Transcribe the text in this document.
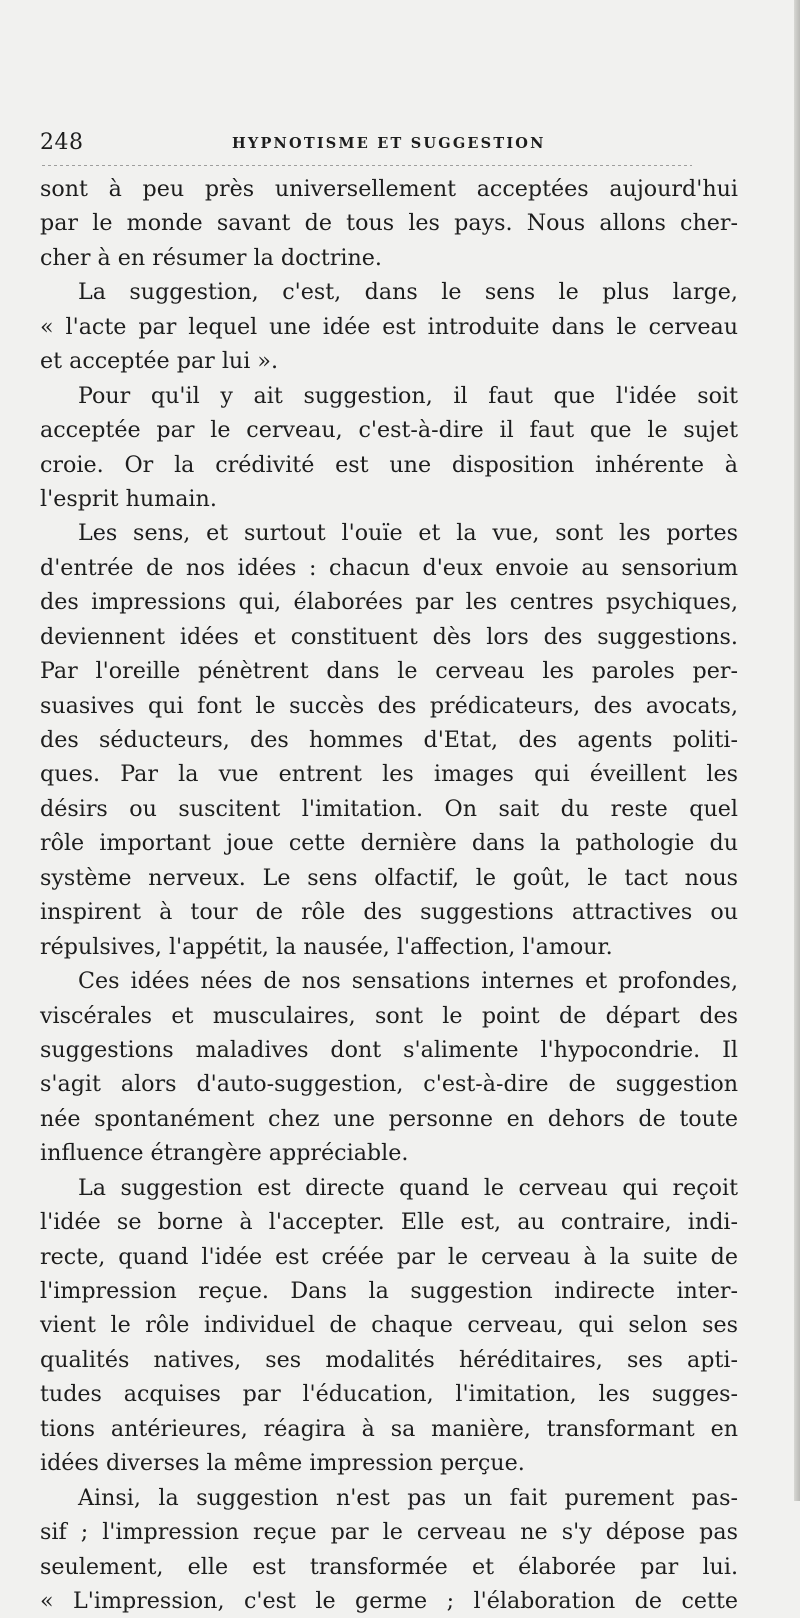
248	HYPNOTISME ET SUGGESTION
sont à peu près universellement acceptées aujourd'hui
par le monde savant de tous les pays. Nous allons cher-
cher à en résumer la doctrine.
La suggestion, c'est, dans le sens le plus large,
« l'acte par lequel une idée est introduite dans le cerveau
et acceptée par lui ».
Pour qu'il y ait suggestion, il faut que l'idée soit
acceptée par le cerveau, c'est-à-dire il faut que le sujet
croie. Or la crédivité est une disposition inhérente à
l'esprit humain.
Les sens, et surtout l'ouïe et la vue, sont les portes
d'entrée de nos idées : chacun d'eux envoie au sensorium
des impressions qui, élaborées par les centres psychiques,
deviennent idées et constituent dès lors des suggestions.
Par l'oreille pénètrent dans le cerveau les paroles per-
suasives qui font le succès des prédicateurs, des avocats,
des séducteurs, des hommes d'Etat, des agents politi-
ques. Par la vue entrent les images qui éveillent les
désirs ou suscitent l'imitation. On sait du reste quel
rôle important joue cette dernière dans la pathologie du
système nerveux. Le sens olfactif, le goût, le tact nous
inspirent à tour de rôle des suggestions attractives ou
répulsives, l'appétit, la nausée, l'affection, l'amour.
Ces idées nées de nos sensations internes et profondes,
viscérales et musculaires, sont le point de départ des
suggestions maladives dont s'alimente l'hypocondrie. Il
s'agit alors d'auto-suggestion, c'est-à-dire de suggestion
née spontanément chez une personne en dehors de toute
influence étrangère appréciable.
La suggestion est directe quand le cerveau qui reçoit
l'idée se borne à l'accepter. Elle est, au contraire, indi-
recte, quand l'idée est créée par le cerveau à la suite de
l'impression reçue. Dans la suggestion indirecte inter-
vient le rôle individuel de chaque cerveau, qui selon ses
qualités natives, ses modalités héréditaires, ses apti-
tudes acquises par l'éducation, l'imitation, les sugges-
tions antérieures, réagira à sa manière, transformant en
idées diverses la même impression perçue.
Ainsi, la suggestion n'est pas un fait purement pas-
sif ; l'impression reçue par le cerveau ne s'y dépose pas
seulement, elle est transformée et élaborée par lui.
« L'impression, c'est le germe ; l'élaboration de cette
